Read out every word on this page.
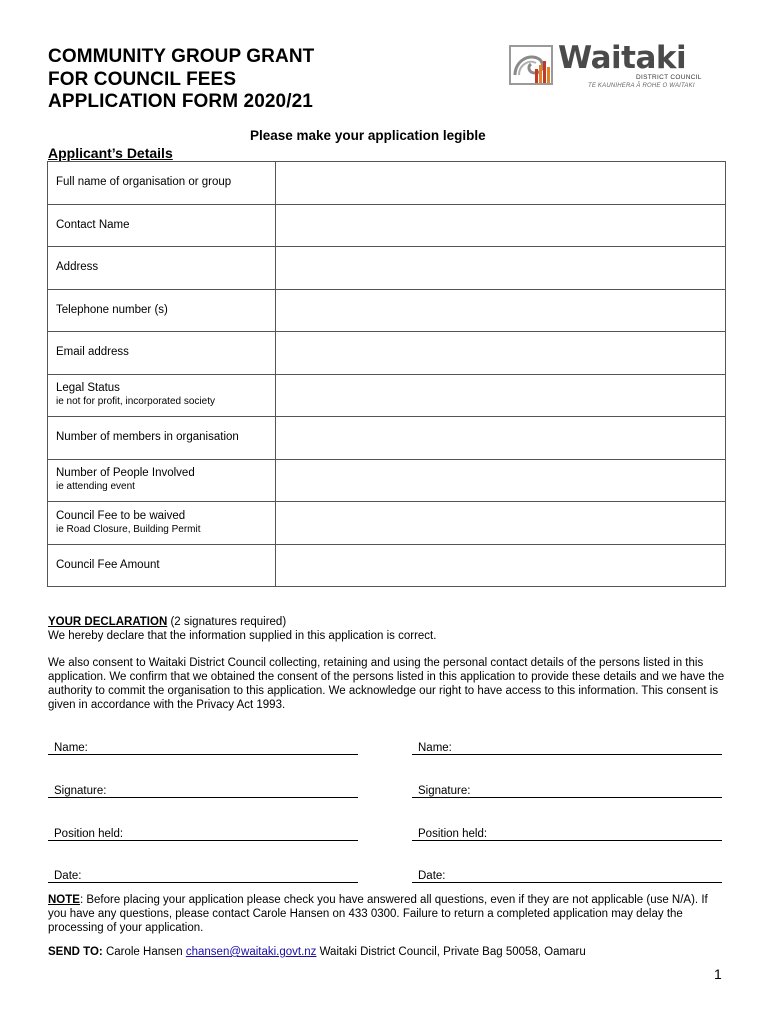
COMMUNITY GROUP GRANT
FOR COUNCIL FEES
APPLICATION FORM 2020/21
Waitaki
DISTRICT COUNCIL
TE KAUNIHERA Ā ROHE O WAITAKI
Please make your application legible
Applicant’s Details
Full name of organisation or group	
Contact Name	
Address	
Telephone number (s)	
Email address	
Legal Status
ie not for profit, incorporated society	

Number of members in organisation	
Number of People Involved
ie attending event	

Council Fee to be waived
ie Road Closure, Building Permit	

Council Fee Amount	

YOUR DECLARATION (2 signatures required)

We hereby declare that the information supplied in this application is correct.

We also consent to Waitaki District Council collecting, retaining and using the personal contact details of the persons listed in this application. We confirm that we obtained the consent of the persons listed in this application to provide these details and we have the authority to commit the organisation to this application. We acknowledge our right to have access to this information. This consent is given in accordance with the Privacy Act 1993.

Name:	Name:
Signature:	Signature:
Position held:	Position held:
Date:	Date:
NOTE: Before placing your application please check you have answered all questions, even if they are not applicable (use N/A). If you have any questions, please contact Carole Hansen on 433 0300. Failure to return a completed application may delay the processing of your application.
SEND TO: Carole Hansen chansen@waitaki.govt.nz Waitaki District Council, Private Bag 50058, Oamaru
1
